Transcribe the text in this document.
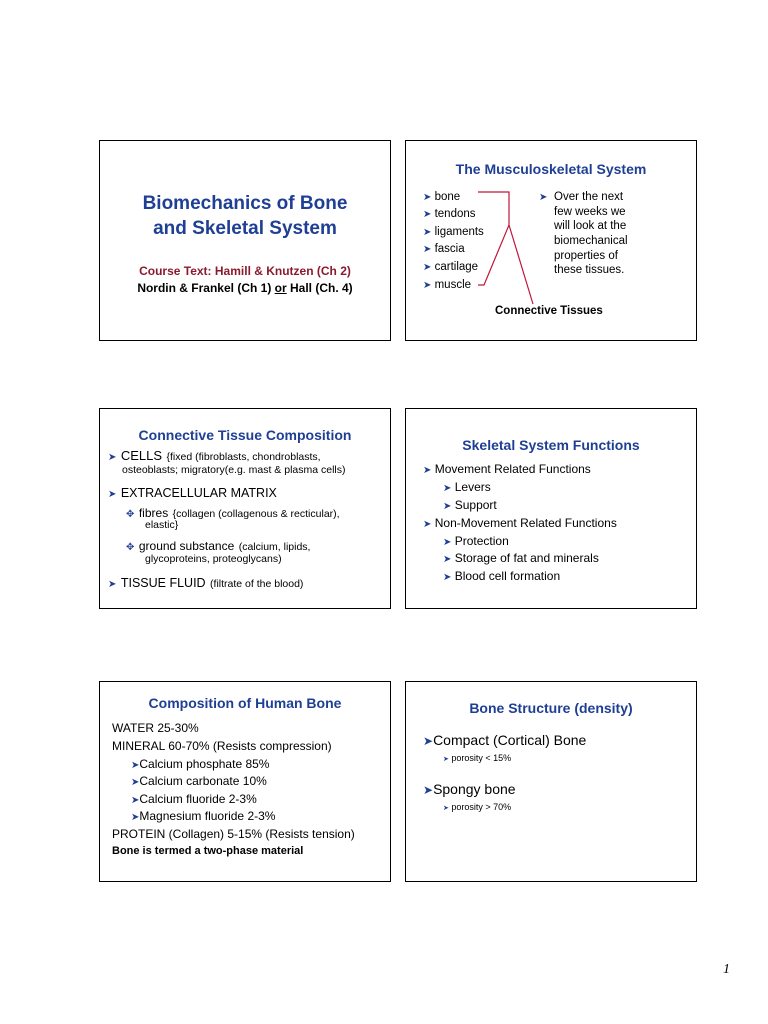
Biomechanics of Bone
and Skeletal System
Course Text: Hamill & Knutzen (Ch 2)
Nordin & Frankel (Ch 1) or Hall (Ch. 4)
The Musculoskeletal System
➤ bone
➤ tendons
➤ ligaments
➤ fascia
➤ cartilage
➤ muscle
➤ Over the next
few weeks we
will look at the
biomechanical
properties of
these tissues.
Connective Tissues
Connective Tissue Composition
➤ CELLS {fixed (fibroblasts, chondroblasts,
osteoblasts; migratory(e.g. mast & plasma cells)
➤ EXTRACELLULAR MATRIX
✥ fibres {collagen (collagenous & recticular),
elastic}
✥ ground substance (calcium, lipids,
glycoproteins, proteoglycans)
➤ TISSUE FLUID (filtrate of the blood)
Skeletal System Functions
➤ Movement Related Functions
➤ Levers
➤ Support
➤ Non-Movement Related Functions
➤ Protection
➤ Storage of fat and minerals
➤ Blood cell formation
Composition of Human Bone
WATER 25-30%
MINERAL 60-70% (Resists compression)
➤Calcium phosphate 85%
➤Calcium carbonate 10%
➤Calcium fluoride 2-3%
➤Magnesium fluoride 2-3%
PROTEIN (Collagen) 5-15% (Resists tension)
Bone is termed a two-phase material
Bone Structure (density)
➤Compact (Cortical) Bone
➤ porosity < 15%
➤Spongy bone
➤ porosity > 70%
1
